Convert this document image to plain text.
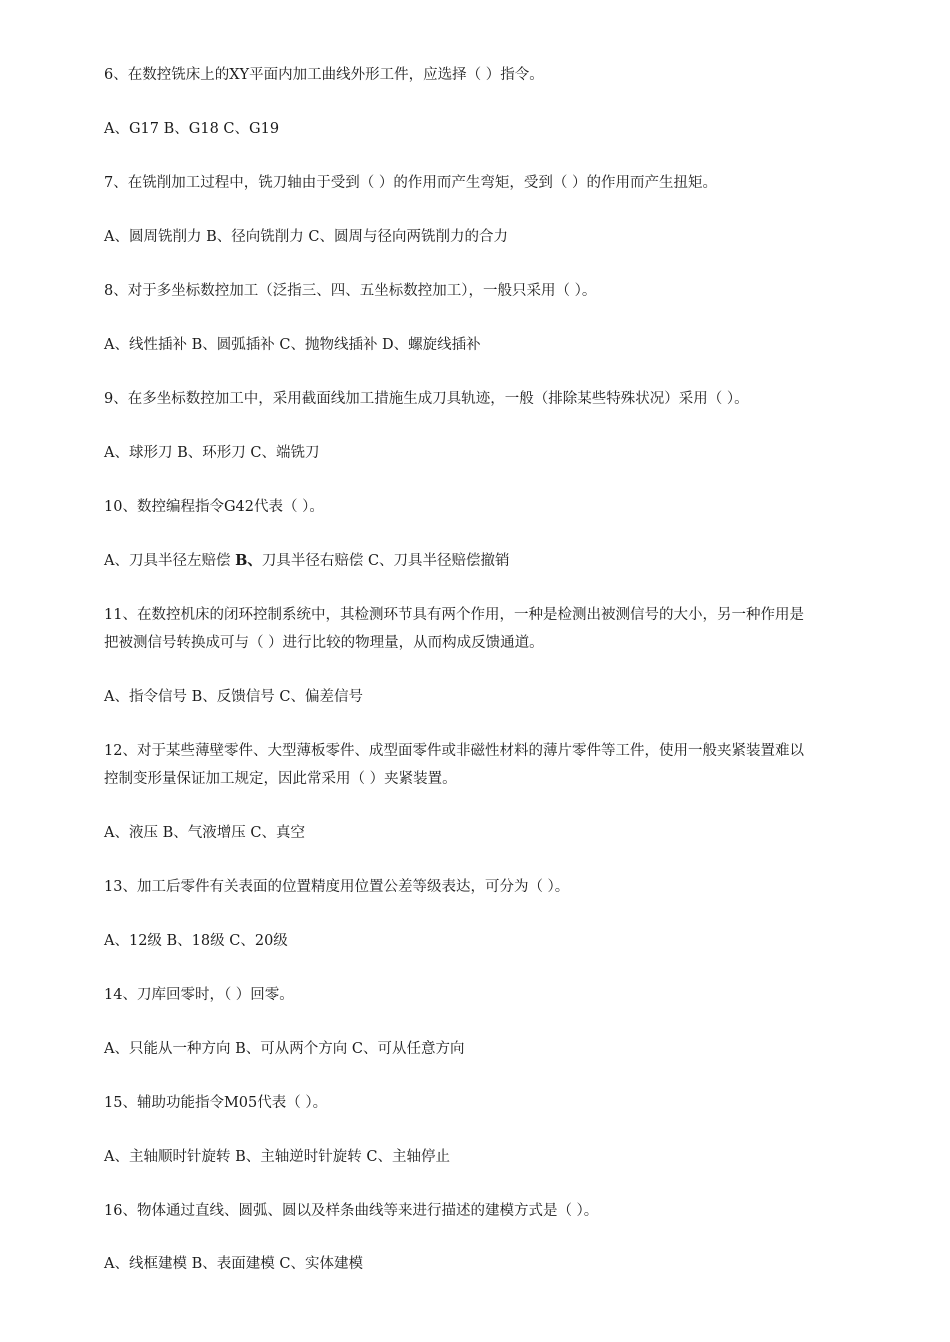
6、在数控铣床上的XY平面内加工曲线外形工件，应选择（ ）指令。

A、G17 B、G18 C、G19

7、在铣削加工过程中，铣刀轴由于受到（ ）的作用而产生弯矩，受到（ ）的作用而产生扭矩。

A、圆周铣削力 B、径向铣削力 C、圆周与径向两铣削力的合力

8、对于多坐标数控加工（泛指三、四、五坐标数控加工），一般只采用（ ）。

A、线性插补 B、圆弧插补 C、抛物线插补 D、螺旋线插补

9、在多坐标数控加工中，采用截面线加工措施生成刀具轨迹，一般（排除某些特殊状况）采用（ ）。

A、球形刀 B、环形刀 C、端铣刀

10、数控编程指令G42代表（ ）。

A、刀具半径左赔偿 B、刀具半径右赔偿 C、刀具半径赔偿撤销

11、在数控机床的闭环控制系统中，其检测环节具有两个作用，一种是检测出被测信号的大小，另一种作用是

把被测信号转换成可与（ ）进行比较的物理量，从而构成反馈通道。

A、指令信号 B、反馈信号 C、偏差信号

12、对于某些薄壁零件、大型薄板零件、成型面零件或非磁性材料的薄片零件等工件，使用一般夹紧装置难以

控制变形量保证加工规定，因此常采用（ ）夹紧装置。

A、液压 B、气液增压 C、真空

13、加工后零件有关表面的位置精度用位置公差等级表达，可分为（ ）。

A、12级 B、18级 C、20级

14、刀库回零时，（ ）回零。

A、只能从一种方向 B、可从两个方向 C、可从任意方向

15、辅助功能指令M05代表（ ）。

A、主轴顺时针旋转 B、主轴逆时针旋转 C、主轴停止

16、物体通过直线、圆弧、圆以及样条曲线等来进行描述的建模方式是（ ）。

A、线框建模 B、表面建模 C、实体建模
